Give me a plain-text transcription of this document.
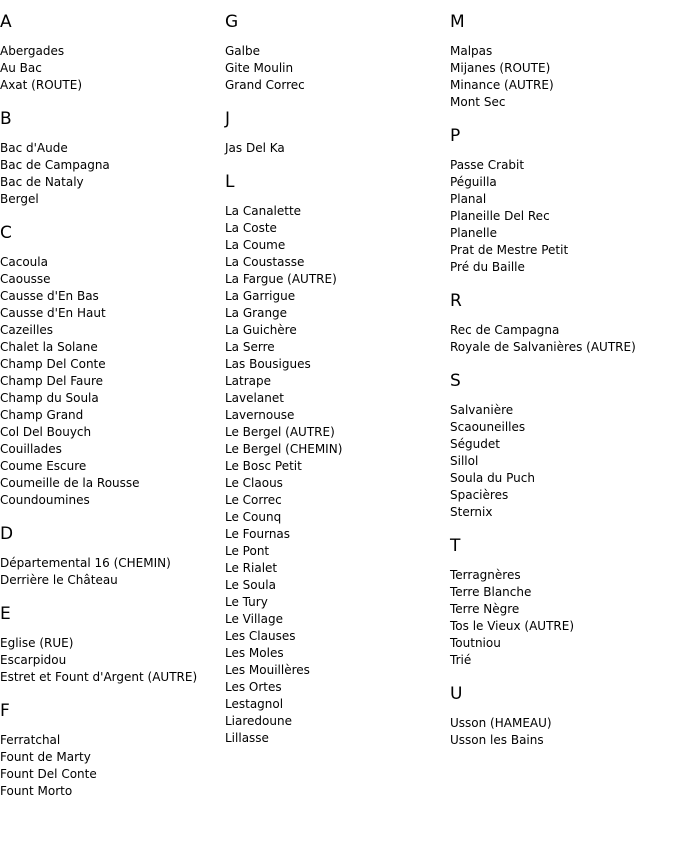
A
Abergades
Au Bac
Axat (ROUTE)
B
Bac d'Aude
Bac de Campagna
Bac de Nataly
Bergel
C
Cacoula
Caousse
Causse d'En Bas
Causse d'En Haut
Cazeilles
Chalet la Solane
Champ Del Conte
Champ Del Faure
Champ du Soula
Champ Grand
Col Del Bouych
Couillades
Coume Escure
Coumeille de la Rousse
Coundoumines
D
Départemental 16 (CHEMIN)
Derrière le Château
E
Eglise (RUE)
Escarpidou
Estret et Fount d'Argent (AUTRE)
F
Ferratchal
Fount de Marty
Fount Del Conte
Fount Morto
G
Galbe
Gite Moulin
Grand Correc
J
Jas Del Ka
L
La Canalette
La Coste
La Coume
La Coustasse
La Fargue (AUTRE)
La Garrigue
La Grange
La Guichère
La Serre
Las Bousigues
Latrape
Lavelanet
Lavernouse
Le Bergel (AUTRE)
Le Bergel (CHEMIN)
Le Bosc Petit
Le Claous
Le Correc
Le Counq
Le Fournas
Le Pont
Le Rialet
Le Soula
Le Tury
Le Village
Les Clauses
Les Moles
Les Mouillères
Les Ortes
Lestagnol
Liaredoune
Lillasse
M
Malpas
Mijanes (ROUTE)
Minance (AUTRE)
Mont Sec
P
Passe Crabit
Péguilla
Planal
Planeille Del Rec
Planelle
Prat de Mestre Petit
Pré du Baille
R
Rec de Campagna
Royale de Salvanières (AUTRE)
S
Salvanière
Scaouneilles
Ségudet
Sillol
Soula du Puch
Spacières
Sternix
T
Terragnères
Terre Blanche
Terre Nègre
Tos le Vieux (AUTRE)
Toutniou
Trié
U
Usson (HAMEAU)
Usson les Bains
